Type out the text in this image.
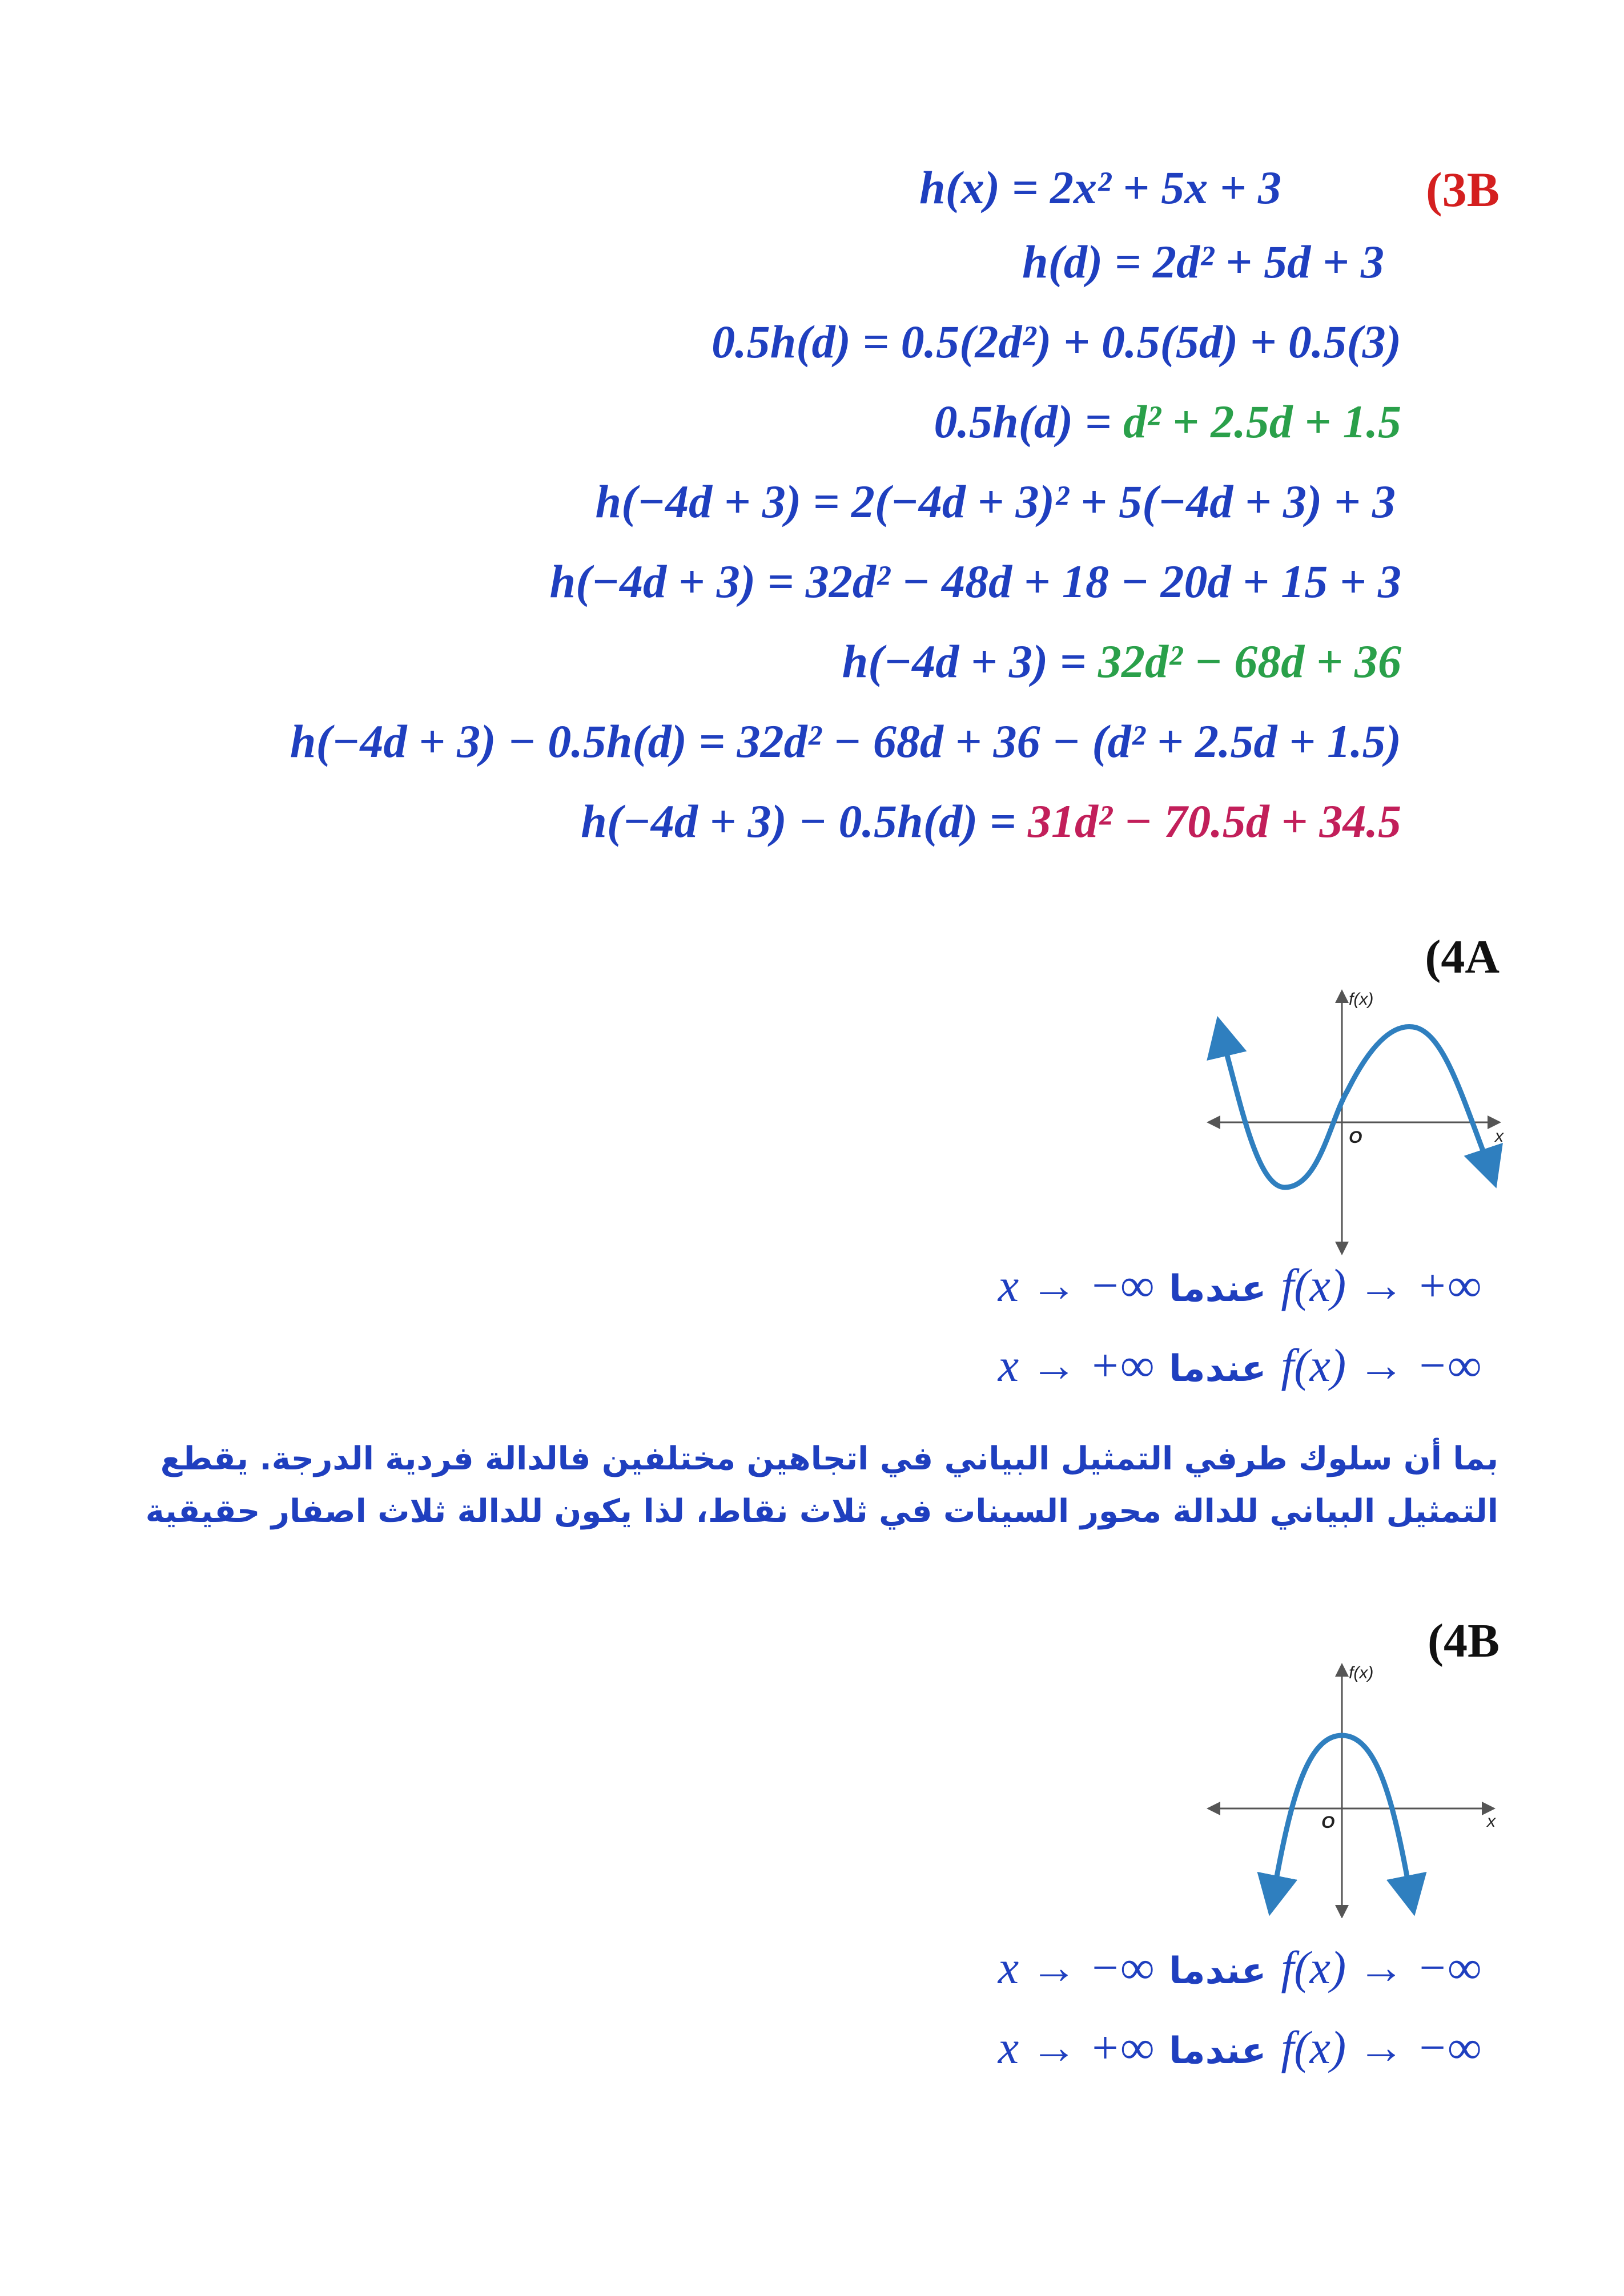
(3B
h(x) = 2x² + 5x + 3
h(d) = 2d² + 5d + 3
0.5h(d) = 0.5(2d²) + 0.5(5d) + 0.5(3)
0.5h(d) = d² + 2.5d + 1.5
h(−4d + 3) = 2(−4d + 3)² + 5(−4d + 3) + 3
h(−4d + 3) = 32d² − 48d + 18 − 20d + 15 + 3
h(−4d + 3) = 32d² − 68d + 36
h(−4d + 3) − 0.5h(d) = 32d² − 68d + 36 − (d² + 2.5d + 1.5)
h(−4d + 3) − 0.5h(d) = 31d² − 70.5d + 34.5
(4A
f(x)
x
O
x → −∞ عندما f(x) → +∞
x → +∞ عندما f(x) → −∞
بما أن سلوك طرفي التمثيل البياني في اتجاهين مختلفين فالدالة فردية الدرجة. يقطع التمثيل البياني للدالة محور السينات في ثلاث نقاط، لذا يكون للدالة ثلاث اصفار حقيقية
(4B
f(x)
x
O
x → −∞ عندما f(x) → −∞
x → +∞ عندما f(x) → −∞
